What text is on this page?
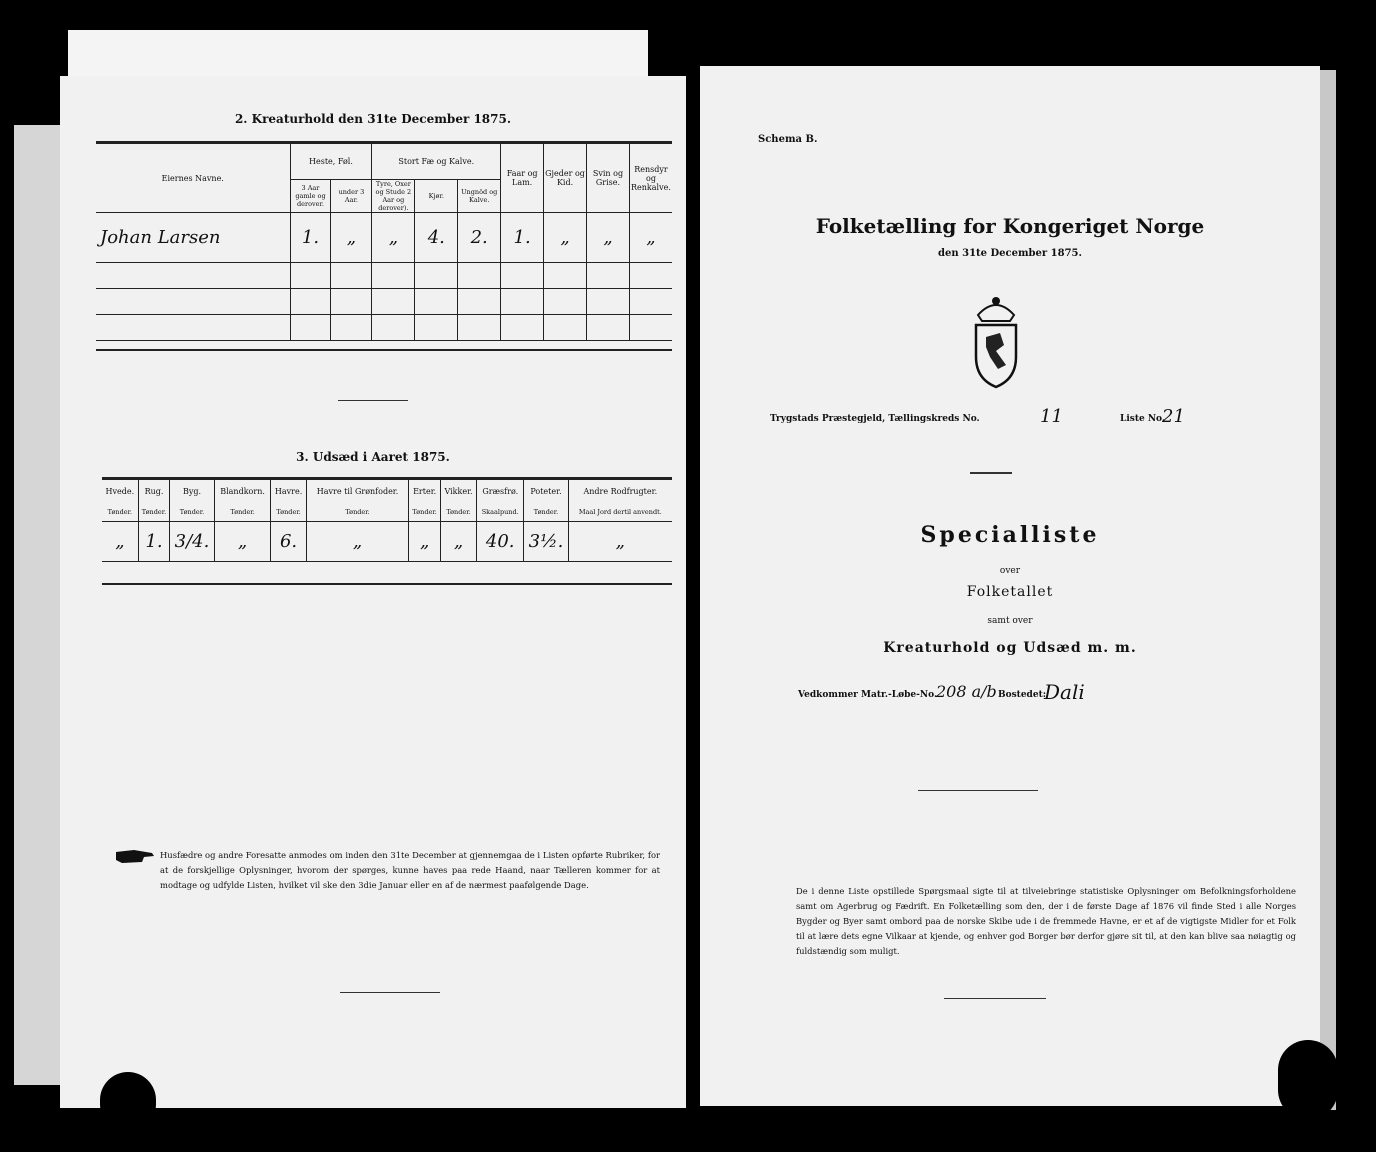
2. Kreaturhold den 31te December 1875.
Eiernes Navne.	Heste, Føl.		Stort Fæ og Kalve.			Faar og Lam.	Gjeder og Kid.	Svin og Grise.	Rensdyr og Renkalve.
	3 Aar gamle og derover.	under 3 Aar.	Tyre, Oxer og Stude 2 Aar og derover).	Kjør.	Ungnöd og Kalve.				
Johan Larsen	1.	„	„	4.	2.	1.	„	„	„

3. Udsæd i Aaret 1875.
Hvede.	Rug.	Byg.	Blandkorn.	Havre.	Havre til Grønfoder.	Erter.	Vikker.	Græsfrø.	Poteter.	Andre Rodfrugter.
Tønder.	Tønder.	Tønder.	Tønder.	Tønder.	Tønder.	Tønder.	Tønder.	Skaalpund.	Tønder.	Maal Jord dertil anvendt.
„	1.	3/4.	„	6.	„	„	„	40.	3½.	„
Husfædre og andre Foresatte anmodes om inden den 31te December at gjennemgaa de i Listen opførte Rubriker, for at de forskjellige Oplysninger, hvorom der spørges, kunne haves paa rede Haand, naar Tælleren kommer for at modtage og udfylde Listen, hvilket vil ske den 3die Januar eller en af de nærmest paafølgende Dage.
Schema B.
Folketælling for Kongeriget Norge
den 31te December 1875.
Trygstads Præstegjeld, Tællingskreds No.	11	Liste No.
21
Specialliste
over
Folketallet
samt over
Kreaturhold og Udsæd m. m.
Vedkommer Matr.-Løbe-No.
208 a/b Bostedet:
Dali
De i denne Liste opstillede Spørgsmaal sigte til at tilveiebringe statistiske Oplysninger om Befolkningsforholdene samt om Agerbrug og Fædrift. En Folketælling som den, der i de første Dage af 1876 vil finde Sted i alle Norges Bygder og Byer samt ombord paa de norske Skibe ude i de fremmede Havne, er et af de vigtigste Midler for et Folk til at lære dets egne Vilkaar at kjende, og enhver god Borger bør derfor gjøre sit til, at den kan blive saa nøiagtig og fuldstændig som muligt.
